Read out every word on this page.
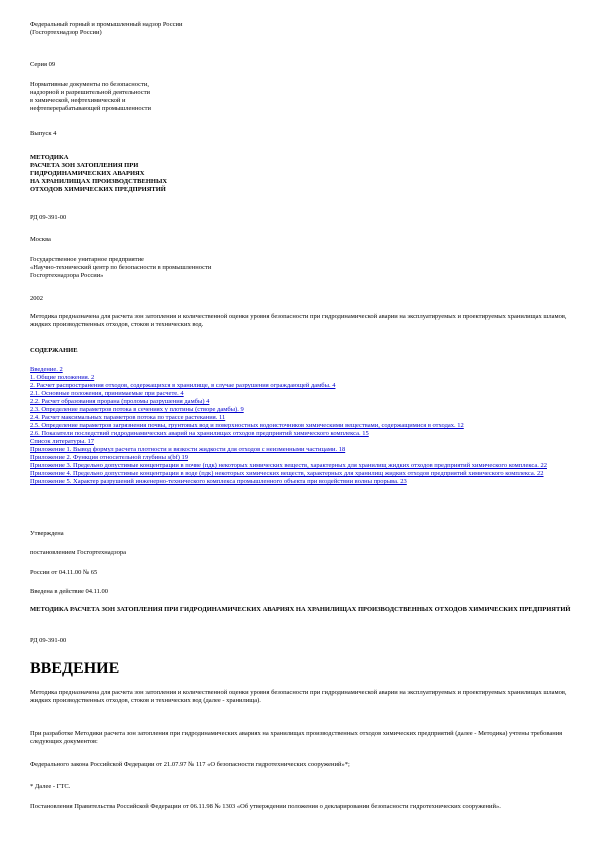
Федеральный горный и промышленный надзор России
(Госгортехнадзор России)
Серия 09
Нормативные документы по безопасности,
надзорной и разрешительной деятельности
в химической, нефтехимической и
нефтеперерабатывающей промышленности
Выпуск 4
МЕТОДИКА
РАСЧЕТА ЗОН ЗАТОПЛЕНИЯ ПРИ
ГИДРОДИНАМИЧЕСКИХ АВАРИЯХ
НА ХРАНИЛИЩАХ ПРОИЗВОДСТВЕННЫХ
ОТХОДОВ ХИМИЧЕСКИХ ПРЕДПРИЯТИЙ
РД 09-391-00
Москва
Государственное унитарное предприятие
«Научно-технический центр по безопасности в промышленности
Госгортехнадзора России»
2002
Методика предназначена для расчета зон затопления и количественной оценки уровня безопасности при гидродинамической аварии на эксплуатируемых и проектируемых хранилищах шламов, жидких производственных отходов, стоков и технических вод.
СОДЕРЖАНИЕ
Введение. 2
1. Общие положения. 2
2. Расчет распространения отходов, содержащихся в хранилище, в случае разрушения ограждающей дамбы. 4
2.1. Основные положения, принимаемые при расчете. 4
2.2. Расчет образования прорана (проломы разрушения дамбы) 4
2.3. Определение параметров потока в сечениях у плотины (створе дамбы). 9
2.4. Расчет максимальных параметров потока по трассе растекания. 11
2.5. Определение параметров загрязнения почвы, грунтовых вод и поверхностных водоисточников химическими веществами, содержащимися в отходах. 12
2.6. Показатели последствий гидродинамических аварий на хранилищах отходов предприятий химического комплекса. 15
Список литературы. 17
Приложение 1. Вывод формул расчета плотности и вязкости жидкости для отходов с неизменными частицами. 18
Приложение 2. Функция относительной глубины s(bf) 19
Приложение 3. Предельно допустимые концентрации в почве (пдк) некоторых химических веществ, характерных для хранилищ жидких отходов предприятий химического комплекса. 22
Приложение 4. Предельно допустимые концентрации в воде (пдк) некоторых химических веществ, характерных для хранилищ жидких отходов предприятий химического комплекса. 22
Приложение 5. Характер разрушений инженерно-технического комплекса промышленного объекта при воздействии волны прорыва. 23
Утверждена
постановлением Госгортехнадзора
России от 04.11.00 № 65
Введена в действие 04.11.00
МЕТОДИКА РАСЧЕТА ЗОН ЗАТОПЛЕНИЯ ПРИ ГИДРОДИНАМИЧЕСКИХ АВАРИЯХ НА ХРАНИЛИЩАХ ПРОИЗВОДСТВЕННЫХ ОТХОДОВ ХИМИЧЕСКИХ ПРЕДПРИЯТИЙ
РД 09-391-00
ВВЕДЕНИЕ
Методика предназначена для расчета зон затопления и количественной оценки уровня безопасности при гидродинамической аварии на эксплуатируемых и проектируемых хранилищах шламов, жидких производственных отходов, стоков и технических вод (далее - хранилища).
При разработке Методики расчета зон затопления при гидродинамических авариях на хранилищах производственных отходов химических предприятий (далее - Методика) учтены требования следующих документов:
Федерального закона Российской Федерации от 21.07.97 № 117 «О безопасности гидротехнических сооружений»*;
* Далее - ГТС.
Постановления Правительства Российской Федерации от 06.11.98 № 1303 «Об утверждении положения о декларировании безопасности гидротехнических сооружений».
